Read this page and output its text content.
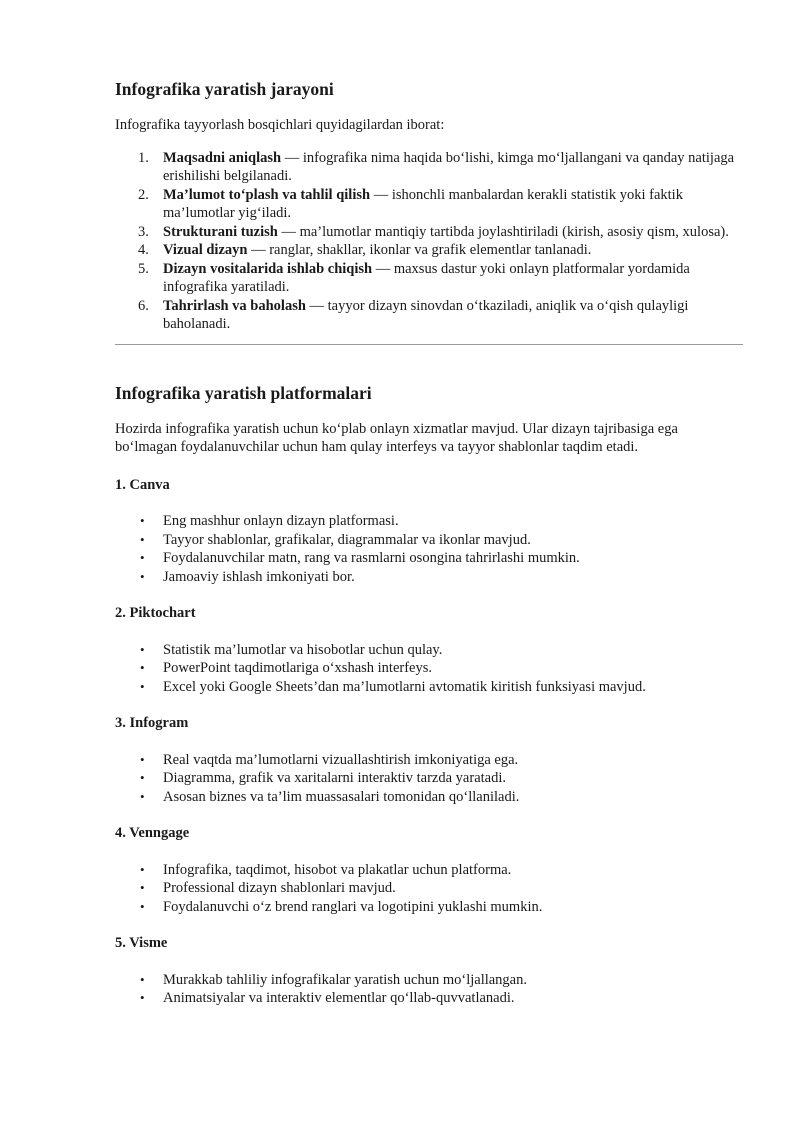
Infografika yaratish jarayoni

Infografika tayyorlash bosqichlari quyidagilardan iborat:

1. Maqsadni aniqlash — infografika nima haqida bo‘lishi, kimga mo‘ljallangani va qanday natijaga erishilishi belgilanadi.
2. Ma’lumot to‘plash va tahlil qilish — ishonchli manbalardan kerakli statistik yoki faktik ma’lumotlar yig‘iladi.
3. Strukturani tuzish — ma’lumotlar mantiqiy tartibda joylashtiriladi (kirish, asosiy qism, xulosa).
4. Vizual dizayn — ranglar, shakllar, ikonlar va grafik elementlar tanlanadi.
5. Dizayn vositalarida ishlab chiqish — maxsus dastur yoki onlayn platformalar yordamida infografika yaratiladi.
6. Tahrirlash va baholash — tayyor dizayn sinovdan o‘tkaziladi, aniqlik va o‘qish qulayligi baholanadi.
Infografika yaratish platformalari

Hozirda infografika yaratish uchun ko‘plab onlayn xizmatlar mavjud. Ular dizayn tajribasiga ega bo‘lmagan foydalanuvchilar uchun ham qulay interfeys va tayyor shablonlar taqdim etadi.

1. Canva
• Eng mashhur onlayn dizayn platformasi.
• Tayyor shablonlar, grafikalar, diagrammalar va ikonlar mavjud.
• Foydalanuvchilar matn, rang va rasmlarni osongina tahrirlashi mumkin.
• Jamoaviy ishlash imkoniyati bor.
2. Piktochart
• Statistik ma’lumotlar va hisobotlar uchun qulay.
• PowerPoint taqdimotlariga o‘xshash interfeys.
• Excel yoki Google Sheets’dan ma’lumotlarni avtomatik kiritish funksiyasi mavjud.
3. Infogram
• Real vaqtda ma’lumotlarni vizuallashtirish imkoniyatiga ega.
• Diagramma, grafik va xaritalarni interaktiv tarzda yaratadi.
• Asosan biznes va ta’lim muassasalari tomonidan qo‘llaniladi.
4. Venngage
• Infografika, taqdimot, hisobot va plakatlar uchun platforma.
• Professional dizayn shablonlari mavjud.
• Foydalanuvchi o‘z brend ranglari va logotipini yuklashi mumkin.
5. Visme
• Murakkab tahliliy infografikalar yaratish uchun mo‘ljallangan.
• Animatsiyalar va interaktiv elementlar qo‘llab-quvvatlanadi.
